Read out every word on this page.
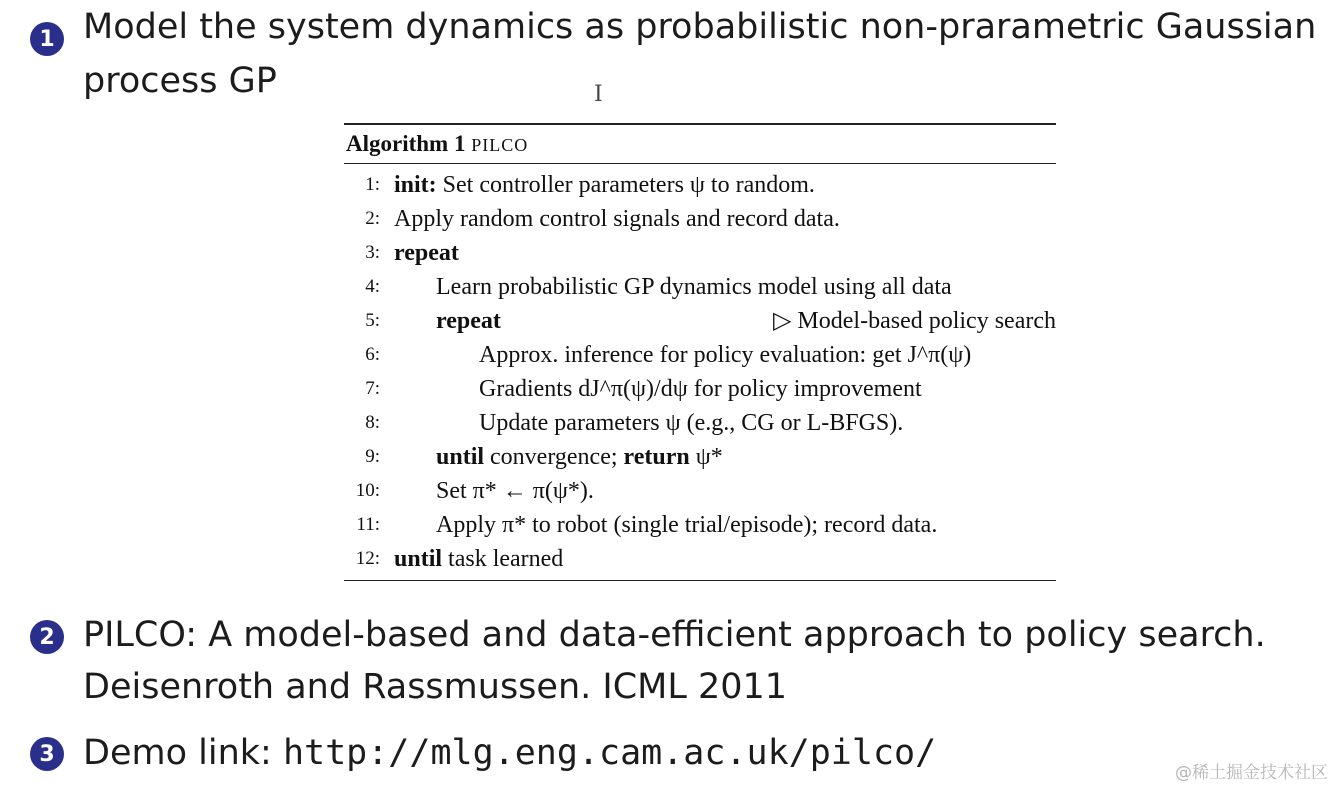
1 Model the system dynamics as probabilistic non-prarametric Gaussian
process GP	I
Algorithm 1 PILCO
1: init: Set controller parameters ψ to random.
2: Apply random control signals and record data.
3: repeat
4: Learn probabilistic GP dynamics model using all data
5: repeat	▷ Model-based policy search
6:	Approx. inference for policy evaluation: get J^π(ψ)
7:	Gradients dJ^π(ψ)/dψ for policy improvement
8:	Update parameters ψ (e.g., CG or L-BFGS).
9: until convergence; return ψ*
10: Set π* ← π(ψ*).
11: Apply π* to robot (single trial/episode); record data.
12: until task learned
2 PILCO: A model-based and data-efficient approach to policy search.
Deisenroth and Rassmussen. ICML 2011
3 Demo link: http://mlg.eng.cam.ac.uk/pilco/	@稀土掘金技术社区
